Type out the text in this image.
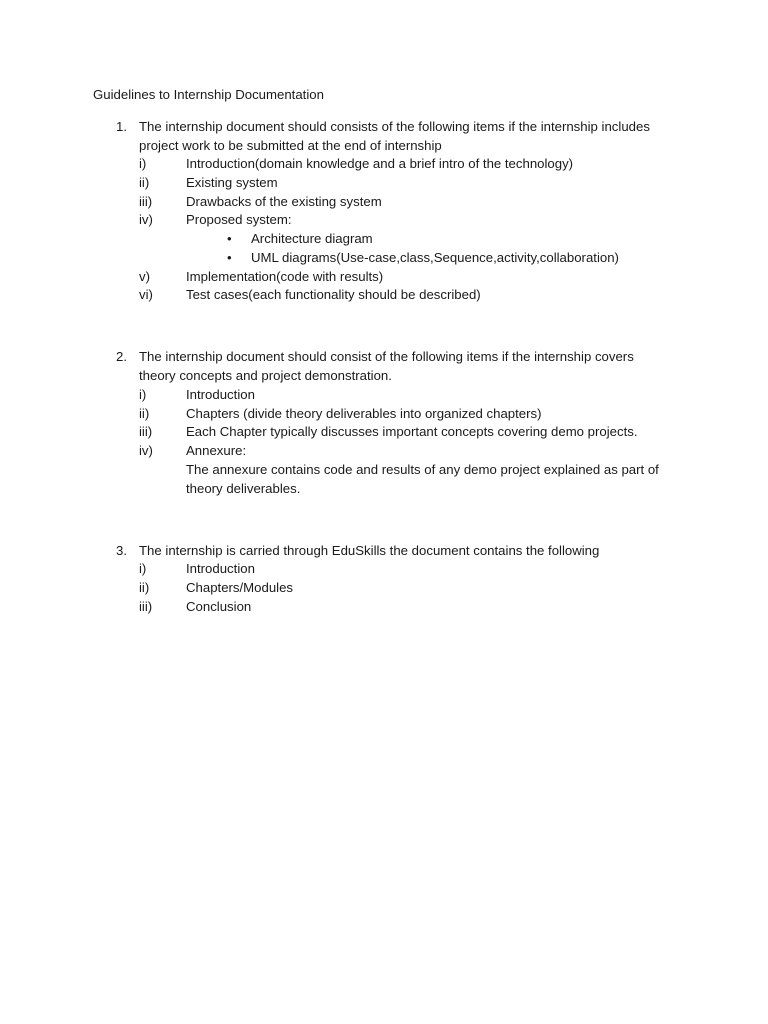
Guidelines to Internship Documentation
1. The internship document should consists of the following items if the internship includes project work to be submitted at the end of internship
i)	Introduction(domain knowledge and a brief intro of the technology)
ii)	Existing system
iii)	Drawbacks of the existing system
iv)	Proposed system:
• Architecture diagram
• UML diagrams(Use-case,class,Sequence,activity,collaboration)
v)	Implementation(code with results)
vi)	Test cases(each functionality should be described)
2. The internship document should consist of the following items if the internship covers theory concepts and project demonstration.
i)	Introduction
ii)	Chapters (divide theory deliverables into organized chapters)
iii)	Each Chapter typically discusses important concepts covering demo projects.
iv)	Annexure:
The annexure contains code and results of any demo project explained as part of theory deliverables.
3. The internship is carried through EduSkills the document contains the following
i)	Introduction
ii)	Chapters/Modules
iii)	Conclusion
